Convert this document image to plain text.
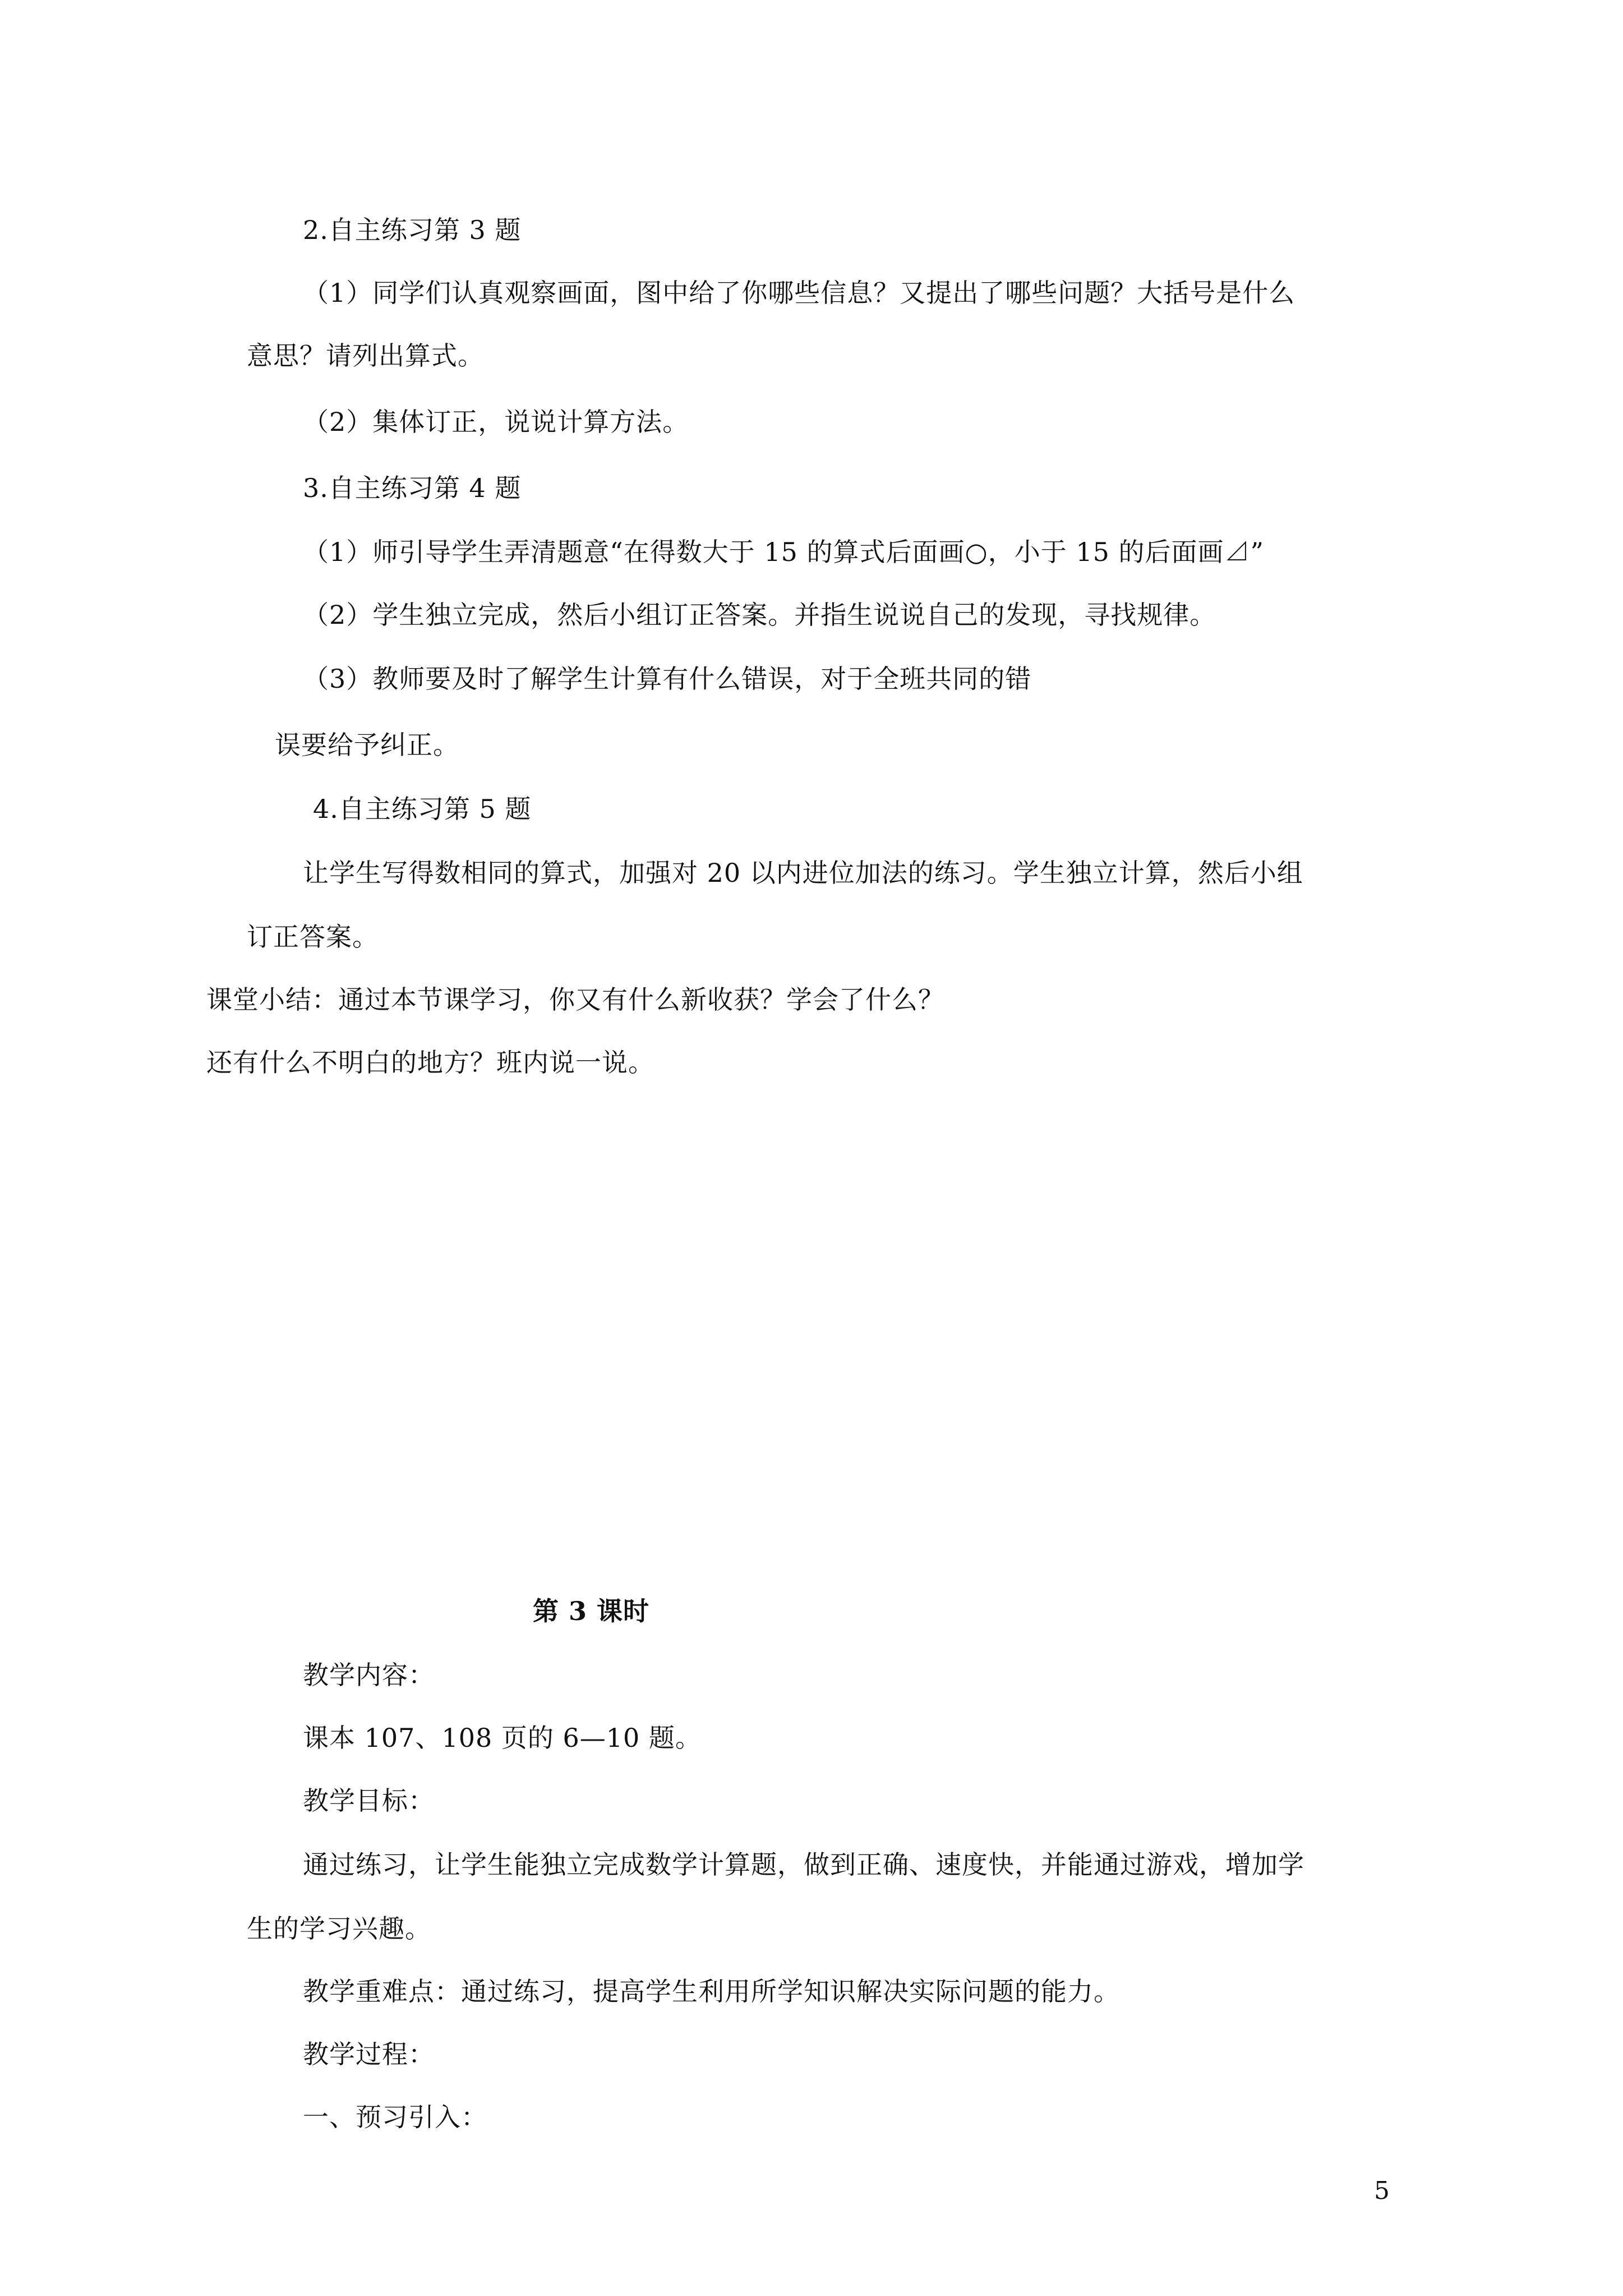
2.自主练习第 3 题
（1）同学们认真观察画面，图中给了你哪些信息？又提出了哪些问题？大括号是什么
意思？请列出算式。
（2）集体订正，说说计算方法。
3.自主练习第 4 题
（1）师引导学生弄清题意“在得数大于 15 的算式后面画○，小于 15 的后面画⊿”
（2）学生独立完成，然后小组订正答案。并指生说说自己的发现，寻找规律。
（3）教师要及时了解学生计算有什么错误，对于全班共同的错
误要给予纠正。
4.自主练习第 5 题
让学生写得数相同的算式，加强对 20 以内进位加法的练习。学生独立计算，然后小组
订正答案。
课堂小结：通过本节课学习，你又有什么新收获？学会了什么？
还有什么不明白的地方？班内说一说。
第 3 课时
教学内容：
课本 107、108 页的 6—10 题。
教学目标：
通过练习，让学生能独立完成数学计算题，做到正确、速度快，并能通过游戏，增加学
生的学习兴趣。
教学重难点：通过练习，提高学生利用所学知识解决实际问题的能力。
教学过程：
一、预习引入：
5
